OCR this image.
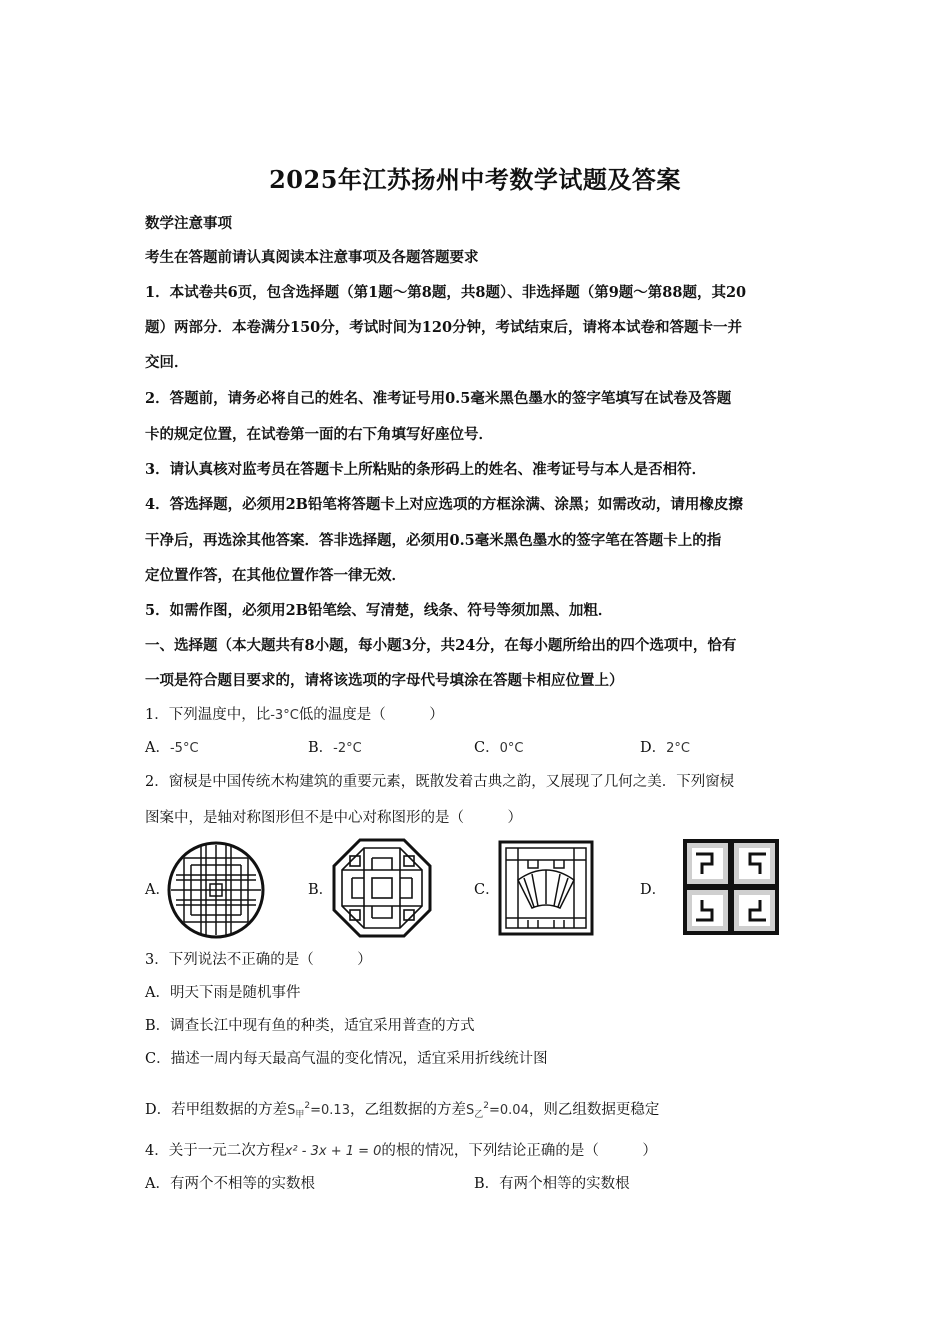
2025年江苏扬州中考数学试题及答案
数学注意事项
考生在答题前请认真阅读本注意事项及各题答题要求
1．本试卷共6页，包含选择题（第1题～第8题，共8题）、非选择题（第9题～第88题，其20
题）两部分．本卷满分150分，考试时间为120分钟，考试结束后，请将本试卷和答题卡一并
交回．
2．答题前，请务必将自己的姓名、准考证号用0.5毫米黑色墨水的签字笔填写在试卷及答题
卡的规定位置，在试卷第一面的右下角填写好座位号．
3．请认真核对监考员在答题卡上所粘贴的条形码上的姓名、准考证号与本人是否相符．
4．答选择题，必须用2B铅笔将答题卡上对应选项的方框涂满、涂黑；如需改动，请用橡皮擦
干净后，再选涂其他答案．答非选择题，必须用0.5毫米黑色墨水的签字笔在答题卡上的指
定位置作答，在其他位置作答一律无效．
5．如需作图，必须用2B铅笔绘、写清楚，线条、符号等须加黑、加粗．
一、选择题（本大题共有8小题，每小题3分，共24分，在每小题所给出的四个选项中，恰有
一项是符合题目要求的，请将该选项的字母代号填涂在答题卡相应位置上）
1．下列温度中，比-3°C低的温度是（　　　）
A．-5°C	B．-2°C	C．0°C	D．2°C
2．窗棂是中国传统木构建筑的重要元素，既散发着古典之韵，又展现了几何之美．下列窗棂
图案中，是轴对称图形但不是中心对称图形的是（　　　）
A．	B．	C．	D．
3．下列说法不正确的是（　　　）
A．明天下雨是随机事件
B．调查长江中现有鱼的种类，适宜采用普查的方式
C．描述一周内每天最高气温的变化情况，适宜采用折线统计图
D．若甲组数据的方差$S_甲^2=0.13$，乙组数据的方差$S_乙^2=0.04$，则乙组数据更稳定
4．关于一元二次方程x² - 3x + 1 = 0的根的情况，下列结论正确的是（　　　）
A．有两个不相等的实数根	B．有两个相等的实数根
